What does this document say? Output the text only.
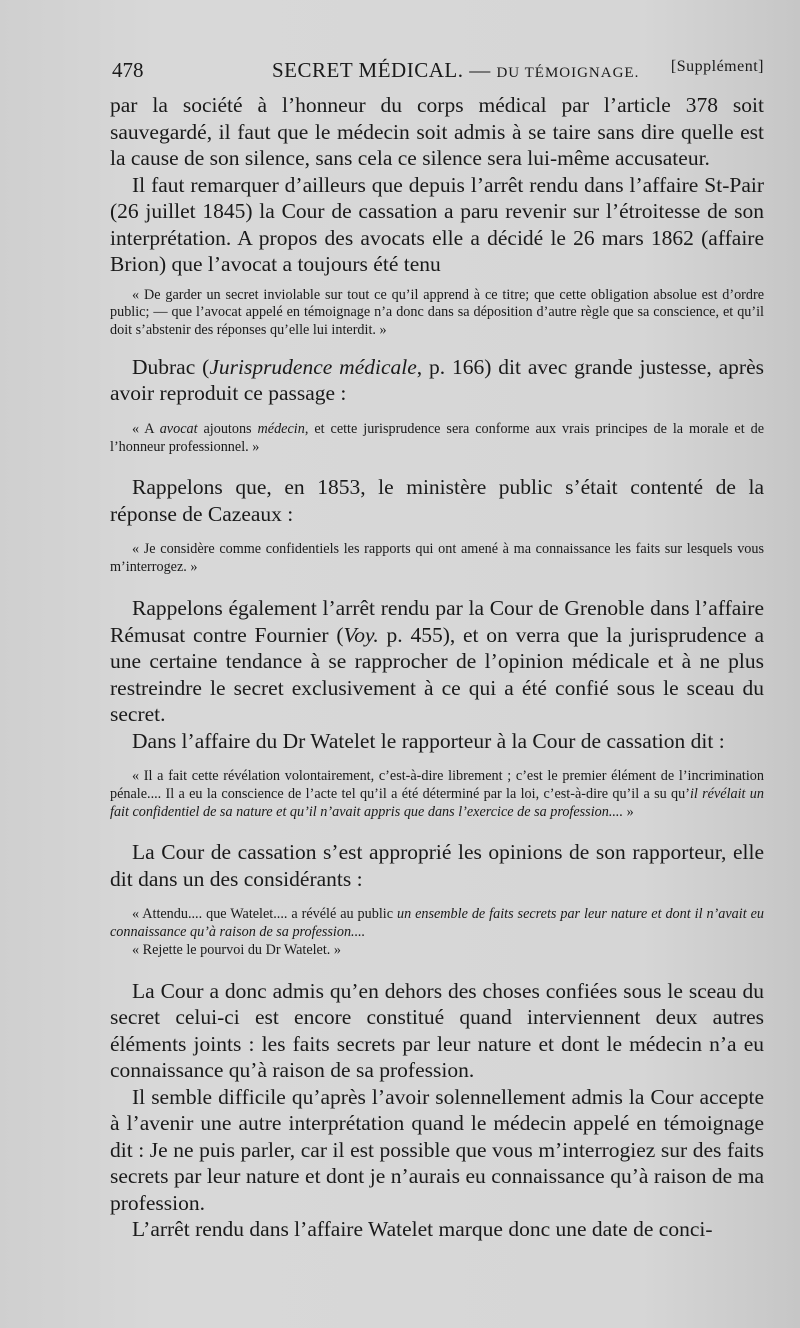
478	SECRET MÉDICAL. — DU TÉMOIGNAGE. [Supplément]

par la société à l’honneur du corps médical par l’article 378 soit sauvegardé, il faut que le médecin soit admis à se taire sans dire quelle est la cause de son silence, sans cela ce silence sera lui-même accusateur.

Il faut remarquer d’ailleurs que depuis l’arrêt rendu dans l’affaire St-Pair (26 juillet 1845) la Cour de cassation a paru revenir sur l’étroitesse de son interprétation. A propos des avocats elle a décidé le 26 mars 1862 (affaire Brion) que l’avocat a toujours été tenu

« De garder un secret inviolable sur tout ce qu’il apprend à ce titre; que cette obligation absolue est d’ordre public; — que l’avocat appelé en témoignage n’a donc dans sa déposition d’autre règle que sa conscience, et qu’il doit s’abstenir des réponses qu’elle lui interdit. »

Dubrac (Jurisprudence médicale, p. 166) dit avec grande justesse, après avoir reproduit ce passage :

« A avocat ajoutons médecin, et cette jurisprudence sera conforme aux vrais principes de la morale et de l’honneur professionnel. »

Rappelons que, en 1853, le ministère public s’était contenté de la réponse de Cazeaux :

« Je considère comme confidentiels les rapports qui ont amené à ma connaissance les faits sur lesquels vous m’interrogez. »

Rappelons également l’arrêt rendu par la Cour de Grenoble dans l’affaire Rémusat contre Fournier (Voy. p. 455), et on verra que la jurisprudence a une certaine tendance à se rapprocher de l’opinion médicale et à ne plus restreindre le secret exclusivement à ce qui a été confié sous le sceau du secret.

Dans l’affaire du Dr Watelet le rapporteur à la Cour de cassation dit :

« Il a fait cette révélation volontairement, c’est-à-dire librement ; c’est le premier élément de l’incrimination pénale.... Il a eu la conscience de l’acte tel qu’il a été déterminé par la loi, c’est-à-dire qu’il a su qu’il révélait un fait confidentiel de sa nature et qu’il n’avait appris que dans l’exercice de sa profession.... »

La Cour de cassation s’est approprié les opinions de son rapporteur, elle dit dans un des considérants :

« Attendu.... que Watelet.... a révélé au public un ensemble de faits secrets par leur nature et dont il n’avait eu connaissance qu’à raison de sa profession....

« Rejette le pourvoi du Dr Watelet. »

La Cour a donc admis qu’en dehors des choses confiées sous le sceau du secret celui-ci est encore constitué quand interviennent deux autres éléments joints : les faits secrets par leur nature et dont le médecin n’a eu connaissance qu’à raison de sa profession.

Il semble difficile qu’après l’avoir solennellement admis la Cour accepte à l’avenir une autre interprétation quand le médecin appelé en témoignage dit : Je ne puis parler, car il est possible que vous m’interrogiez sur des faits secrets par leur nature et dont je n’aurais eu connaissance qu’à raison de ma profession.

L’arrêt rendu dans l’affaire Watelet marque donc une date de conci-
